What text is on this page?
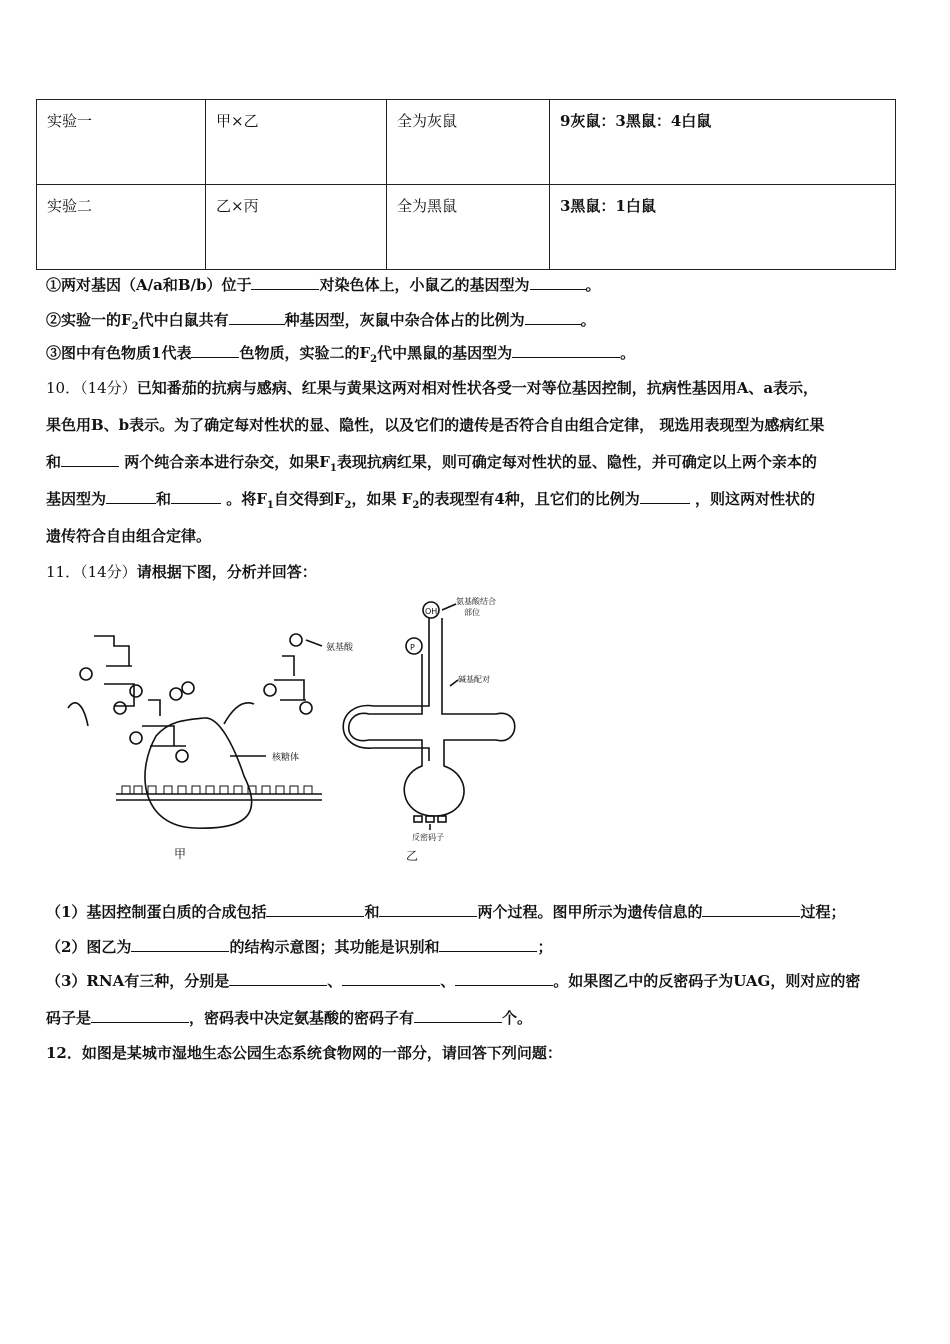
实验一	甲×乙	全为灰鼠	9灰鼠：3黑鼠：4白鼠
实验二	乙×丙	全为黑鼠	3黑鼠：1白鼠
①两对基因（A/a和B/b）位于	对染色体上，小鼠乙的基因型为	。
②实验一的$F_2$代中白鼠共有	种基因型，灰鼠中杂合体占的比例为	。
③图中有色物质1代表	色物质，实验二的$F_2$代中黑鼠的基因型为	。
10．（14分）已知番茄的抗病与感病、红果与黄果这两对相对性状各受一对等位基因控制，抗病性基因用A、a表示，
果色用B、b表示。为了确定每对性状的显、隐性，以及它们的遗传是否符合自由组合定律， 现选用表现型为感病红果
和	两个纯合亲本进行杂交，如果$F_1$表现抗病红果，则可确定每对性状的显、隐性，并可确定以上两个亲本的
基因型为	和	。将$F_1$自交得到$F_2$，如果 $F_2$的表现型有4种，且它们的比例为	，则这两对性状的
遗传符合自由组合定律。
11．（14分）请根据下图，分析并回答：
氨基酸
核糖体
甲
OH
P
氨基酸结合
部位
碱基配对
反密码子
乙
（1）基因控制蛋白质的合成包括	和	两个过程。图甲所示为遗传信息的	过程；
（2）图乙为	的结构示意图；其功能是识别和	；
（3）RNA有三种，分别是	、	、	。如果图乙中的反密码子为UAG，则对应的密
码子是	，密码表中决定氨基酸的密码子有	个。
12．如图是某城市湿地生态公园生态系统食物网的一部分，请回答下列问题：
